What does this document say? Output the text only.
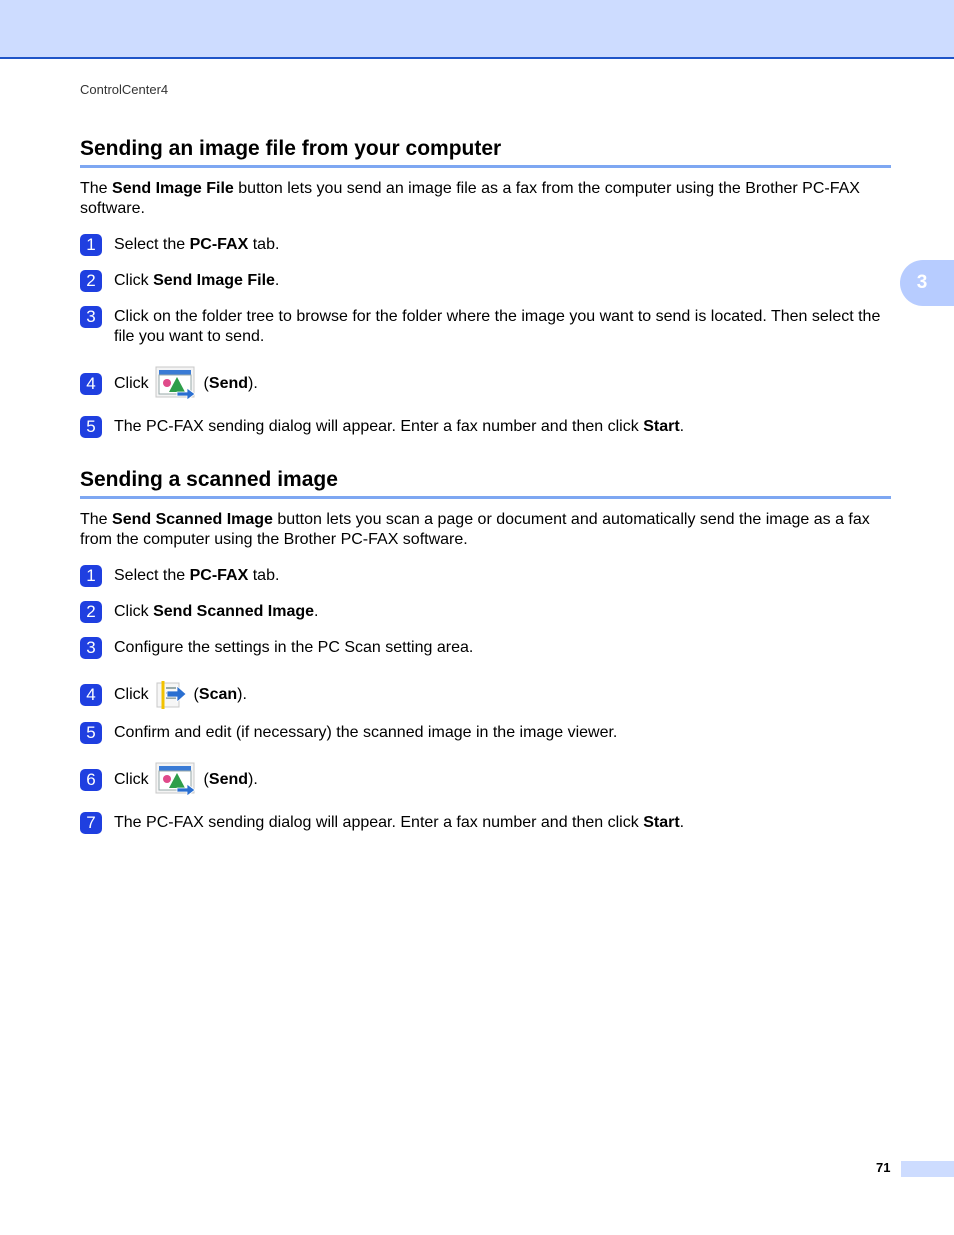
ControlCenter4
3
Sending an image file from your computer

The Send Image File button lets you send an image file as a fax from the computer using the Brother PC-FAX software.

1	Select the PC-FAX tab.
2	Click Send Image File.
3	Click on the folder tree to browse for the folder where the image you want to send is located. Then select the file you want to send.
4	Click	(Send).
5	The PC-FAX sending dialog will appear. Enter a fax number and then click Start.
Sending a scanned image

The Send Scanned Image button lets you scan a page or document and automatically send the image as a fax from the computer using the Brother PC-FAX software.

1	Select the PC-FAX tab.
2	Click Send Scanned Image.
3	Configure the settings in the PC Scan setting area.
4	Click  (Scan).
5	Confirm and edit (if necessary) the scanned image in the image viewer.
6	Click	(Send).
7	The PC-FAX sending dialog will appear. Enter a fax number and then click Start.
71
